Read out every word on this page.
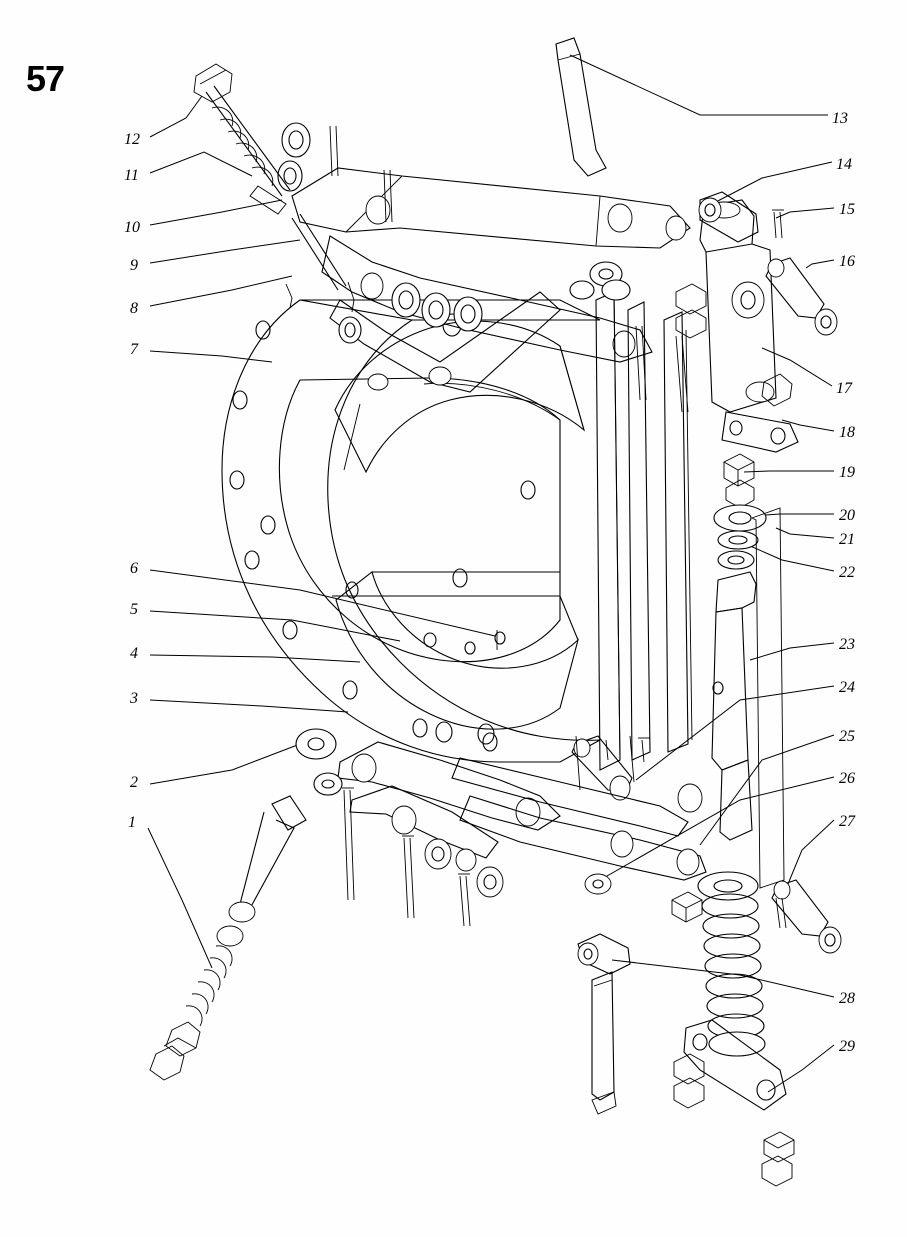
57
13
14
15
16
17
18
19
20
21
22
23
24
25
26
27
28
29
12
11
10
9
8
7
6
5
4
3
2
1
